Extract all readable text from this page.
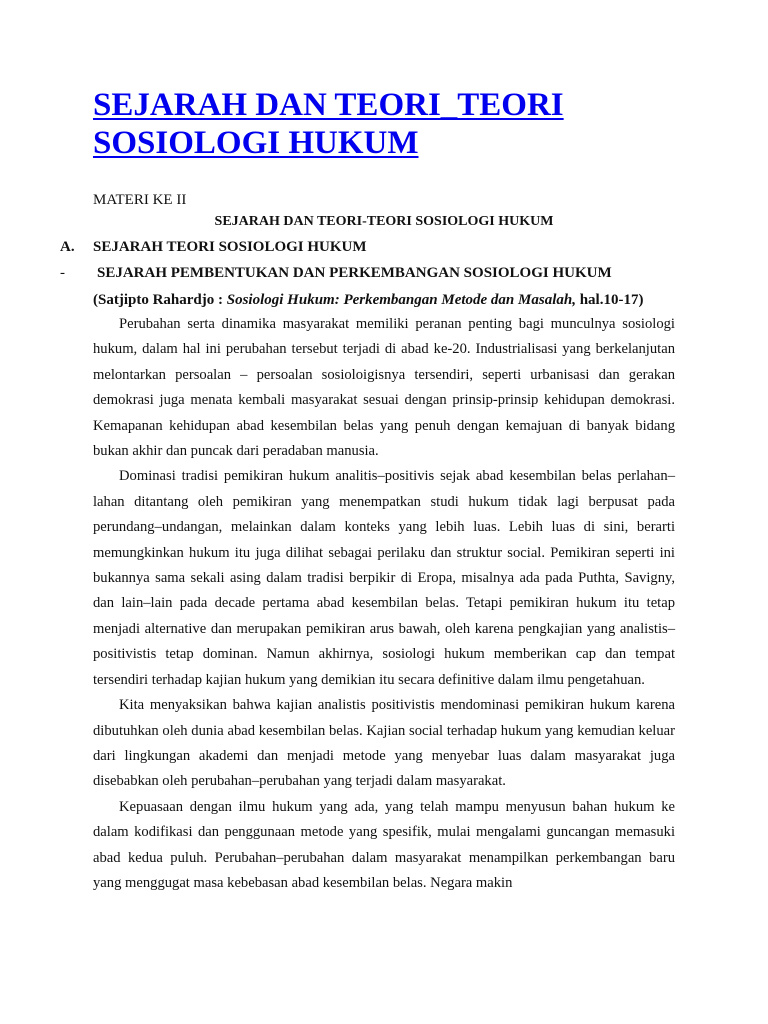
SEJARAH DAN TEORI_TEORI
SOSIOLOGI HUKUM
MATERI KE II
SEJARAH DAN TEORI-TEORI SOSIOLOGI HUKUM
A. SEJARAH TEORI SOSIOLOGI HUKUM
- SEJARAH PEMBENTUKAN DAN PERKEMBANGAN SOSIOLOGI HUKUM
(Satjipto Rahardjo : Sosiologi Hukum: Perkembangan Metode dan Masalah, hal.10-17)

Perubahan serta dinamika masyarakat memiliki peranan penting bagi munculnya sosiologi hukum, dalam hal ini perubahan tersebut terjadi di abad ke-20. Industrialisasi yang berkelanjutan melontarkan persoalan – persoalan sosioloigisnya tersendiri, seperti urbanisasi dan gerakan demokrasi juga menata kembali masyarakat sesuai dengan prinsip-prinsip kehidupan demokrasi. Kemapanan kehidupan abad kesembilan belas yang penuh dengan kemajuan di banyak bidang bukan akhir dan puncak dari peradaban manusia.

Dominasi tradisi pemikiran hukum analitis–positivis sejak abad kesembilan belas perlahan–lahan ditantang oleh pemikiran yang menempatkan studi hukum tidak lagi berpusat pada perundang–undangan, melainkan dalam konteks yang lebih luas. Lebih luas di sini, berarti memungkinkan hukum itu juga dilihat sebagai perilaku dan struktur social. Pemikiran seperti ini bukannya sama sekali asing dalam tradisi berpikir di Eropa, misalnya ada pada Puthta, Savigny, dan lain–lain pada decade pertama abad kesembilan belas. Tetapi pemikiran hukum itu tetap menjadi alternative dan merupakan pemikiran arus bawah, oleh karena pengkajian yang analistis–positivistis tetap dominan. Namun akhirnya, sosiologi hukum memberikan cap dan tempat tersendiri terhadap kajian hukum yang demikian itu secara definitive dalam ilmu pengetahuan.

Kita menyaksikan bahwa kajian analistis positivistis mendominasi pemikiran hukum karena dibutuhkan oleh dunia abad kesembilan belas. Kajian social terhadap hukum yang kemudian keluar dari lingkungan akademi dan menjadi metode yang menyebar luas dalam masyarakat juga disebabkan oleh perubahan–perubahan yang terjadi dalam masyarakat.

Kepuasaan dengan ilmu hukum yang ada, yang telah mampu menyusun bahan hukum ke dalam kodifikasi dan penggunaan metode yang spesifik, mulai mengalami guncangan memasuki abad kedua puluh. Perubahan–perubahan dalam masyarakat menampilkan perkembangan baru yang menggugat masa kebebasan abad kesembilan belas. Negara makin
